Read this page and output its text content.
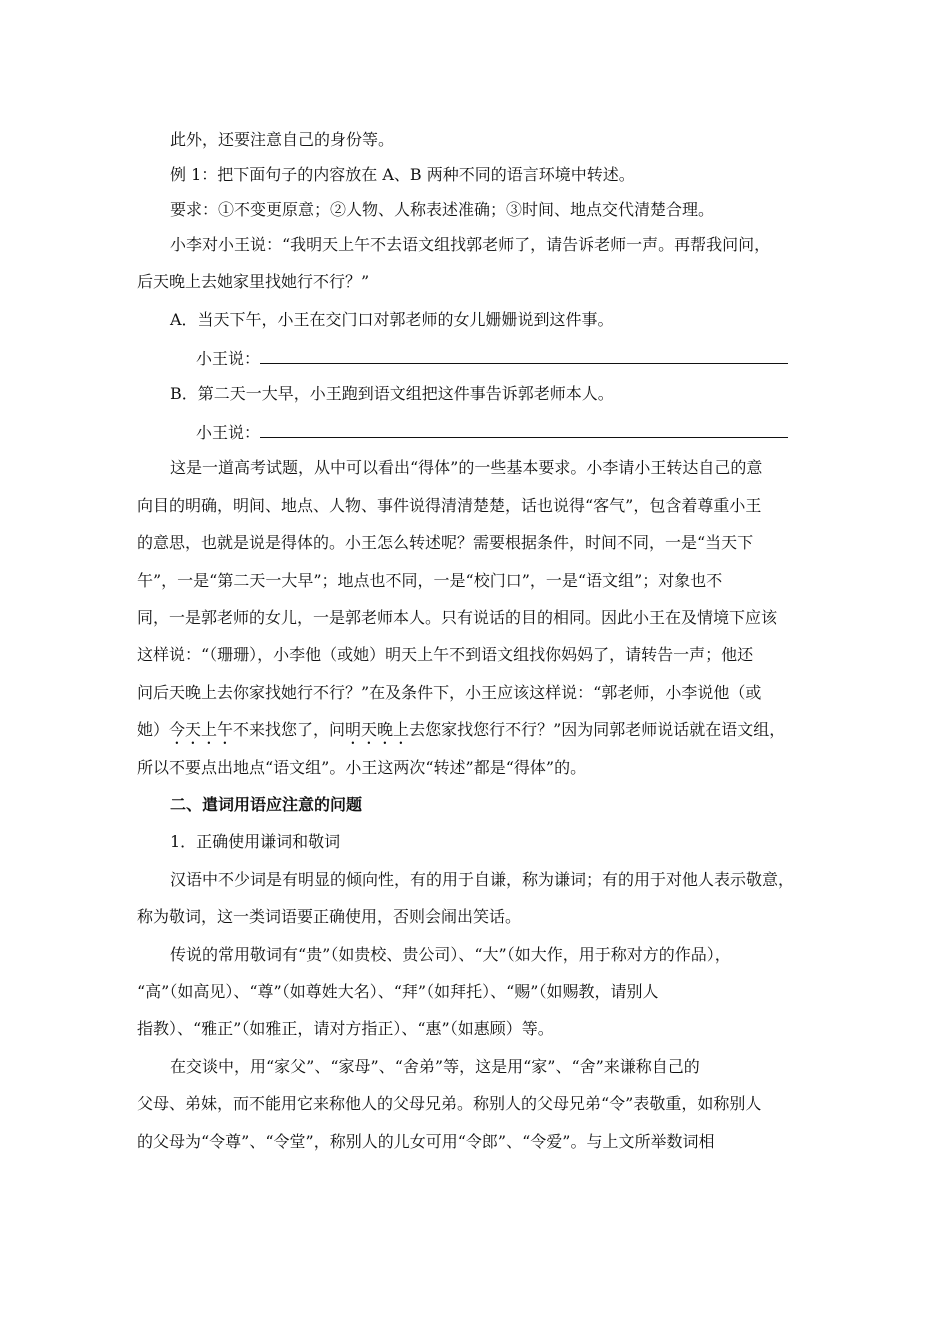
此外，还要注意自己的身份等。

例 1：把下面句子的内容放在 A、B 两种不同的语言环境中转述。

要求：①不变更原意；②人物、人称表述准确；③时间、地点交代清楚合理。

小李对小王说：“我明天上午不去语文组找郭老师了，请告诉老师一声。再帮我问问，

后天晚上去她家里找她行不行？”

A．当天下午，小王在交门口对郭老师的女儿姗姗说到这件事。

小王说：

B．第二天一大早，小王跑到语文组把这件事告诉郭老师本人。

小王说：

这是一道高考试题，从中可以看出“得体”的一些基本要求。小李请小王转达自己的意

向目的明确，明间、地点、人物、事件说得清清楚楚，话也说得“客气”，包含着尊重小王

的意思，也就是说是得体的。小王怎么转述呢？需要根据条件，时间不同，一是“当天下

午”，一是“第二天一大早”；地点也不同，一是“校门口”，一是“语文组”；对象也不

同，一是郭老师的女儿，一是郭老师本人。只有说话的目的相同。因此小王在及情境下应该

这样说：“（珊珊），小李他（或她）明天上午不到语文组找你妈妈了，请转告一声；他还

问后天晚上去你家找她行不行？”在及条件下，小王应该这样说：“郭老师，小李说他（或

她）今天上午不来找您了，问明天晚上去您家找您行不行？”因为同郭老师说话就在语文组，

所以不要点出地点“语文组”。小王这两次“转述”都是“得体”的。

二、遣词用语应注意的问题

1．正确使用谦词和敬词

汉语中不少词是有明显的倾向性，有的用于自谦，称为谦词；有的用于对他人表示敬意，

称为敬词，这一类词语要正确使用，否则会闹出笑话。

传说的常用敬词有“贵”（如贵校、贵公司）、“大”（如大作，用于称对方的作品），

“高”（如高见）、“尊”（如尊姓大名）、“拜”（如拜托）、“赐”（如赐教，请别人

指教）、“雅正”（如雅正，请对方指正）、“惠”（如惠顾）等。

在交谈中，用“家父”、“家母”、“舍弟”等，这是用“家”、“舍”来谦称自己的

父母、弟妹，而不能用它来称他人的父母兄弟。称别人的父母兄弟“令”表敬重，如称别人

的父母为“令尊”、“令堂”，称别人的儿女可用“令郎”、“令爱”。与上文所举数词相
